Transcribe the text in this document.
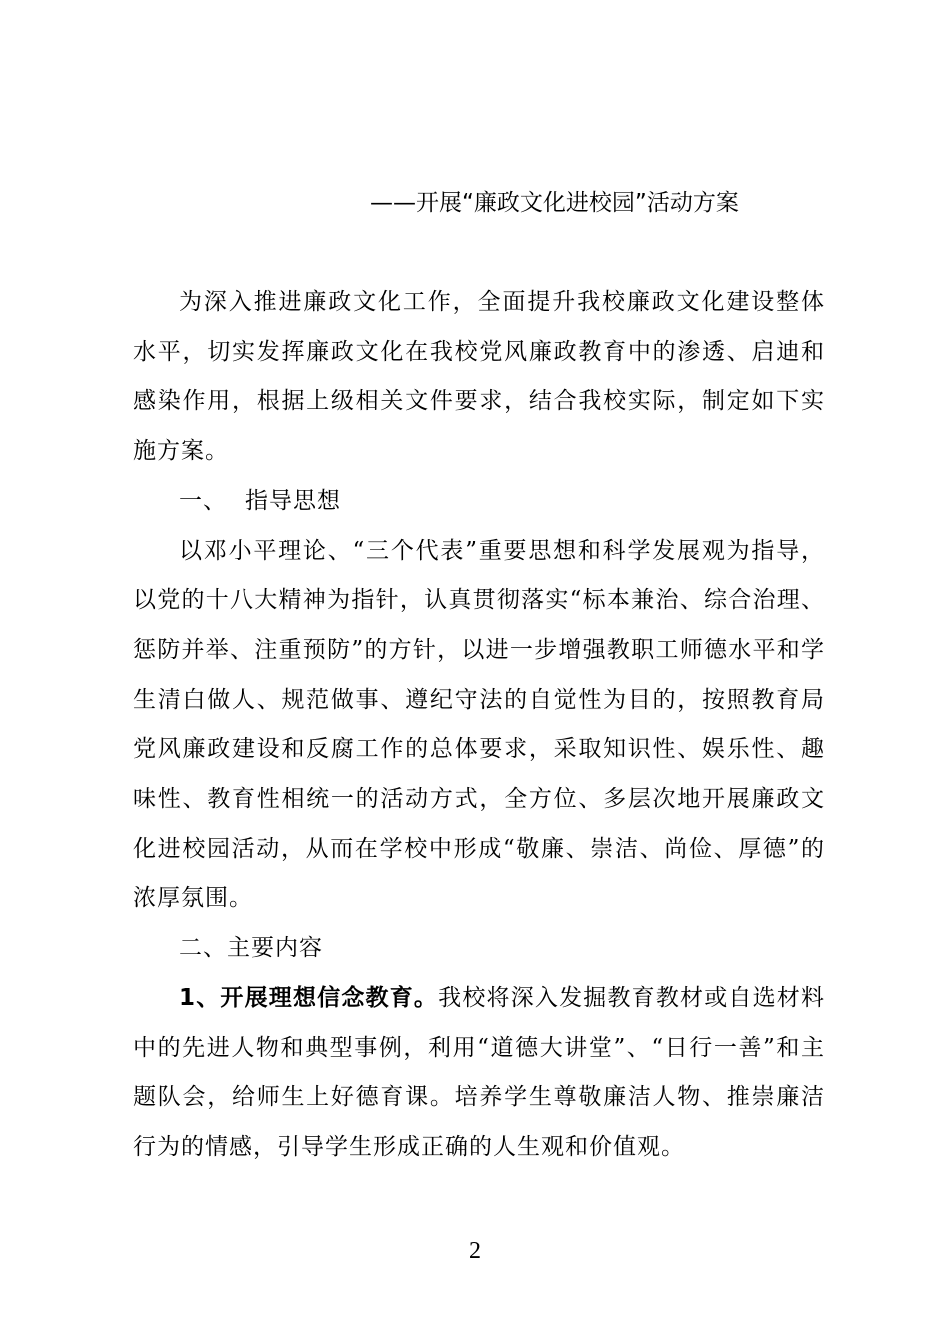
——开展“廉政文化进校园”活动方案

为深入推进廉政文化工作，全面提升我校廉政文化建设整体水平，切实发挥廉政文化在我校党风廉政教育中的渗透、启迪和感染作用，根据上级相关文件要求，结合我校实际，制定如下实施方案。

一、 指导思想

以邓小平理论、“三个代表”重要思想和科学发展观为指导，以党的十八大精神为指针，认真贯彻落实“标本兼治、综合治理、惩防并举、注重预防”的方针，以进一步增强教职工师德水平和学生清白做人、规范做事、遵纪守法的自觉性为目的，按照教育局党风廉政建设和反腐工作的总体要求，采取知识性、娱乐性、趣味性、教育性相统一的活动方式，全方位、多层次地开展廉政文化进校园活动，从而在学校中形成“敬廉、崇洁、尚俭、厚德”的浓厚氛围。

二、主要内容

1、开展理想信念教育。我校将深入发掘教育教材或自选材料中的先进人物和典型事例，利用“道德大讲堂”、“日行一善”和主题队会，给师生上好德育课。培养学生尊敬廉洁人物、推崇廉洁行为的情感，引导学生形成正确的人生观和价值观。

2
